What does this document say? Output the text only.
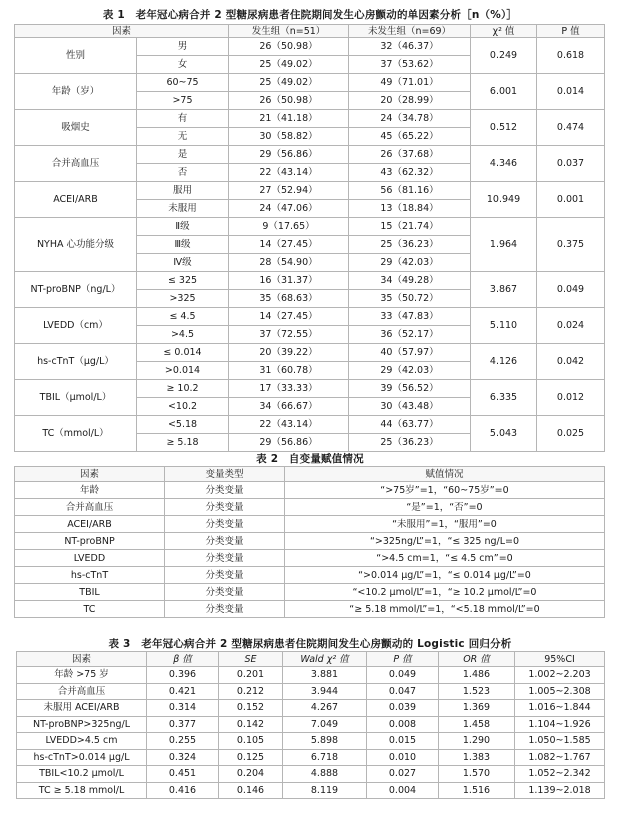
表 1　老年冠心病合并 2 型糖尿病患者住院期间发生心房颤动的单因素分析［n（%）］
因素		发生组（n=51）	未发生组（n=69）	χ² 值	P 值
性别	男	26（50.98）	32（46.37）	0.249	0.618
	女	25（49.02）	37（53.62）		
年龄（岁）	60~75	25（49.02）	49（71.01）	6.001	0.014
	>75	26（50.98）	20（28.99）		
吸烟史	有	21（41.18）	24（34.78）	0.512	0.474
	无	30（58.82）	45（65.22）		
合并高血压	是	29（56.86）	26（37.68）	4.346	0.037
	否	22（43.14）	43（62.32）		
ACEI/ARB	服用	27（52.94）	56（81.16）	10.949	0.001
	未服用	24（47.06）	13（18.84）		
NYHA 心功能分级	Ⅱ级	9（17.65）	15（21.74）	1.964	0.375
	Ⅲ级	14（27.45）	25（36.23）		
	Ⅳ级	28（54.90）	29（42.03）		
NT-proBNP（ng/L）	≤ 325	16（31.37）	34（49.28）	3.867	0.049
	>325	35（68.63）	35（50.72）		
LVEDD（cm）	≤ 4.5	14（27.45）	33（47.83）	5.110	0.024
	>4.5	37（72.55）	36（52.17）		
hs-cTnT（μg/L）	≤ 0.014	20（39.22）	40（57.97）	4.126	0.042
	>0.014	31（60.78）	29（42.03）		
TBIL（μmol/L）	≥ 10.2	17（33.33）	39（56.52）	6.335	0.012
	<10.2	34（66.67）	30（43.48）		
TC（mmol/L）	<5.18	22（43.14）	44（63.77）	5.043	0.025
	≥ 5.18	29（56.86）	25（36.23）		
表 2　自变量赋值情况
因素	变量类型	赋值情况
年龄	分类变量	“>75岁”=1，“60~75岁”=0
合并高血压	分类变量	“是”=1，“否”=0
ACEI/ARB	分类变量	“未服用”=1，“服用”=0
NT-proBNP	分类变量	“>325ng/L”=1，“≤ 325 ng/L=0
LVEDD	分类变量	“>4.5 cm=1，“≤ 4.5 cm”=0
hs-cTnT	分类变量	“>0.014 μg/L”=1，“≤ 0.014 μg/L”=0
TBIL	分类变量	“<10.2 μmol/L”=1，“≥ 10.2 μmol/L”=0
TC	分类变量	“≥ 5.18 mmol/L”=1，“<5.18 mmol/L”=0
表 3　老年冠心病合并 2 型糖尿病患者住院期间发生心房颤动的 Logistic 回归分析
因素	β 值	SE	Wald χ² 值	P 值	OR 值	95%CI
年龄 >75 岁	0.396	0.201	3.881	0.049	1.486	1.002~2.203
合并高血压	0.421	0.212	3.944	0.047	1.523	1.005~2.308
未服用 ACEI/ARB	0.314	0.152	4.267	0.039	1.369	1.016~1.844
NT-proBNP>325ng/L	0.377	0.142	7.049	0.008	1.458	1.104~1.926
LVEDD>4.5 cm	0.255	0.105	5.898	0.015	1.290	1.050~1.585
hs-cTnT>0.014 μg/L	0.324	0.125	6.718	0.010	1.383	1.082~1.767
TBIL<10.2 μmol/L	0.451	0.204	4.888	0.027	1.570	1.052~2.342
TC ≥ 5.18 mmol/L	0.416	0.146	8.119	0.004	1.516	1.139~2.018
